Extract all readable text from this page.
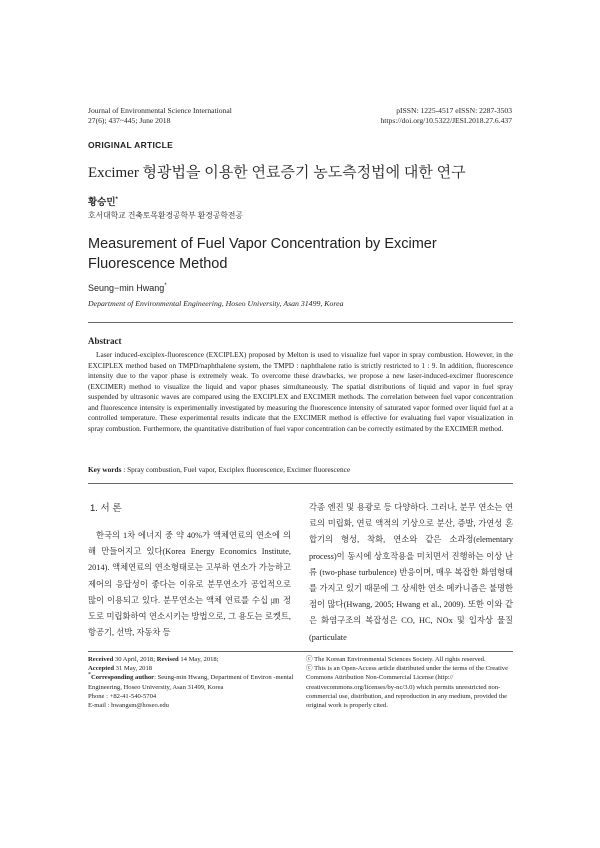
Journal of Environmental Science International
27(6); 437~445; June 2018
pISSN: 1225-4517 eISSN: 2287-3503
https://doi.org/10.5322/JESI.2018.27.6.437
ORIGINAL ARTICLE
Excimer 형광법을 이용한 연료증기 농도측정법에 대한 연구
황승민*
호서대학교 건축토목환경공학부 환경공학전공
Measurement of Fuel Vapor Concentration by Excimer Fluorescence Method
Seung−min Hwang*
Department of Environmental Engineering, Hoseo University, Asan 31499, Korea
Abstract
Laser induced-exciplex-fluorescence (EXCIPLEX) proposed by Melton is used to visualize fuel vapor in spray combustion. However, in the EXCIPLEX method based on TMPD/naphthalene system, the TMPD : naphthalene ratio is strictly restricted to 1 : 9. In addition, fluorescence intensity due to the vapor phase is extremely weak. To overcome these drawbacks, we propose a new laser-induced-excimer fluorescence (EXCIMER) method to visualize the liquid and vapor phases simultaneously. The spatial distributions of liquid and vapor in fuel spray suspended by ultrasonic waves are compared using the EXCIPLEX and EXCIMER methods. The correlation between fuel vapor concentration and fluorescence intensity is experimentally investigated by measuring the fluorescence intensity of saturated vapor formed over liquid fuel at a controlled temperature. These experimental results indicate that the EXCIMER method is effective for evaluating fuel vapor visualization in spray combustion. Furthermore, the quantitative distribution of fuel vapor concentration can be correctly estimated by the EXCIMER method.
Key words : Spray combustion, Fuel vapor, Exciplex fluorescence, Excimer fluorescence
1. 서 론
한국의 1차 에너지 중 약 40%가 액체연료의 연소에 의해 만들어지고 있다(Korea Energy Economics Institute, 2014). 액체연료의 연소형태로는 고부하 연소가 가능하고 제어의 응답성이 좋다는 이유로 분무연소가 공업적으로 많이 이용되고 있다. 분무연소는 액체 연료를 수십 ㎛ 정도로 미립화하여 연소시키는 방법으로, 그 용도는 로켓트, 항공기, 선박, 자동차 등
각종 엔진 및 용광로 등 다양하다. 그러나, 분무 연소는 연료의 미립화, 연료 액적의 기상으로 분산, 증발, 가연성 혼합기의 형성, 착화, 연소와 같은 소과정(elementary process)이 동시에 상호작용을 미치면서 진행하는 이상 난류 (two-phase turbulence) 반응이며, 매우 복잡한 화염형태를 가지고 있기 때문에 그 상세한 연소 메카니즘은 불명한 점이 많다(Hwang, 2005; Hwang et al., 2009). 또한 이와 같은 화염구조의 복잡성은 CO, HC, NOx 및 입자상 물질(particulate
Received 30 April, 2018; Revised 14 May, 2018;
Accepted 31 May, 2018
*Corresponding author: Seung-min Hwang, Department of Environ -mental Engineering, Hoseo University, Asan 31499, Korea
Phone : +82-41-540-5704
E-mail : hwangsm@hoseo.edu
ⓒ The Korean Environmental Sciences Society. All rights reserved.
ⓒ This is an Open-Access article distributed under the terms of the Creative Commons Attribution Non-Commercial License (http:// creativecommons.org/licenses/by-nc/3.0) which permits unrestricted non-commercial use, distribution, and reproduction in any medium, provided the original work is properly cited.
